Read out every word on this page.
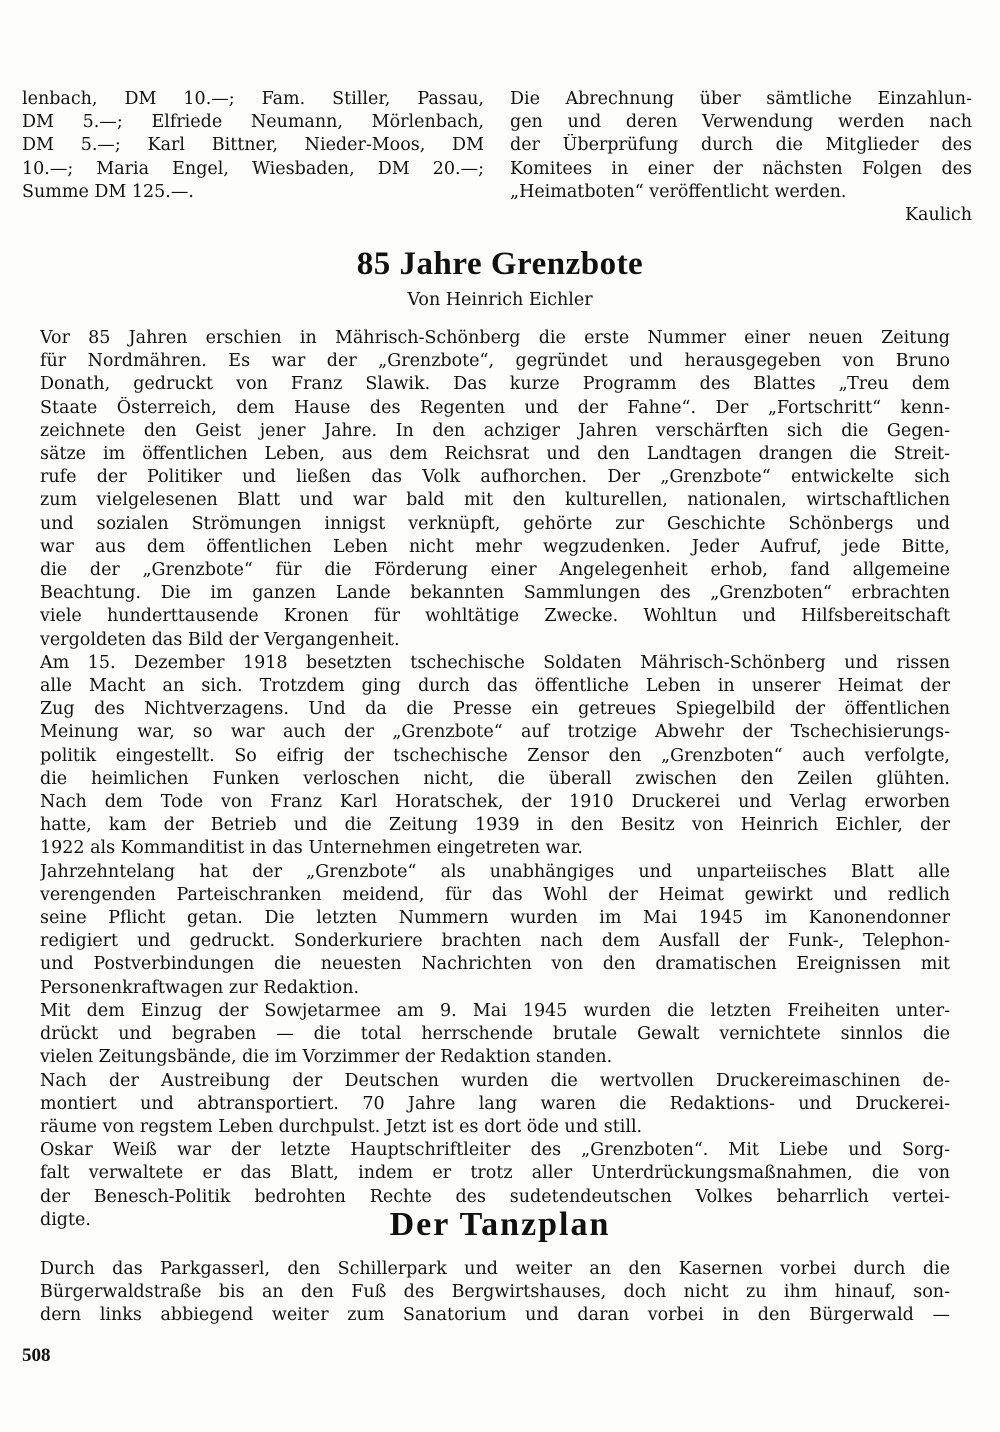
lenbach, DM 10.—; Fam. Stiller, Passau,
DM 5.—; Elfriede Neumann, Mörlenbach,
DM 5.—; Karl Bittner, Nieder-Moos, DM
10.—; Maria Engel, Wiesbaden, DM 20.—;
Summe DM 125.—.
Die Abrechnung über sämtliche Einzahlun-
gen und deren Verwendung werden nach
der Überprüfung durch die Mitglieder des
Komitees in einer der nächsten Folgen des
„Heimatboten“ veröffentlicht werden.
Kaulich
85 Jahre Grenzbote
Von Heinrich Eichler
Vor 85 Jahren erschien in Mährisch-Schönberg die erste Nummer einer neuen Zeitung
für Nordmähren. Es war der „Grenzbote“, gegründet und herausgegeben von Bruno
Donath, gedruckt von Franz Slawik. Das kurze Programm des Blattes „Treu dem
Staate Österreich, dem Hause des Regenten und der Fahne“. Der „Fortschritt“ kenn-
zeichnete den Geist jener Jahre. In den achziger Jahren verschärften sich die Gegen-
sätze im öffentlichen Leben, aus dem Reichsrat und den Landtagen drangen die Streit-
rufe der Politiker und ließen das Volk aufhorchen. Der „Grenzbote“ entwickelte sich
zum vielgelesenen Blatt und war bald mit den kulturellen, nationalen, wirtschaftlichen
und sozialen Strömungen innigst verknüpft, gehörte zur Geschichte Schönbergs und
war aus dem öffentlichen Leben nicht mehr wegzudenken. Jeder Aufruf, jede Bitte,
die der „Grenzbote“ für die Förderung einer Angelegenheit erhob, fand allgemeine
Beachtung. Die im ganzen Lande bekannten Sammlungen des „Grenzboten“ erbrachten
viele hunderttausende Kronen für wohltätige Zwecke. Wohltun und Hilfsbereitschaft
vergoldeten das Bild der Vergangenheit.
Am 15. Dezember 1918 besetzten tschechische Soldaten Mährisch-Schönberg und rissen
alle Macht an sich. Trotzdem ging durch das öffentliche Leben in unserer Heimat der
Zug des Nichtverzagens. Und da die Presse ein getreues Spiegelbild der öffentlichen
Meinung war, so war auch der „Grenzbote“ auf trotzige Abwehr der Tschechisierungs-
politik eingestellt. So eifrig der tschechische Zensor den „Grenzboten“ auch verfolgte,
die heimlichen Funken verloschen nicht, die überall zwischen den Zeilen glühten.
Nach dem Tode von Franz Karl Horatschek, der 1910 Druckerei und Verlag erworben
hatte, kam der Betrieb und die Zeitung 1939 in den Besitz von Heinrich Eichler, der
1922 als Kommanditist in das Unternehmen eingetreten war.
Jahrzehntelang hat der „Grenzbote“ als unabhängiges und unparteiisches Blatt alle
verengenden Parteischranken meidend, für das Wohl der Heimat gewirkt und redlich
seine Pflicht getan. Die letzten Nummern wurden im Mai 1945 im Kanonendonner
redigiert und gedruckt. Sonderkuriere brachten nach dem Ausfall der Funk-, Telephon-
und Postverbindungen die neuesten Nachrichten von den dramatischen Ereignissen mit
Personenkraftwagen zur Redaktion.
Mit dem Einzug der Sowjetarmee am 9. Mai 1945 wurden die letzten Freiheiten unter-
drückt und begraben — die total herrschende brutale Gewalt vernichtete sinnlos die
vielen Zeitungsbände, die im Vorzimmer der Redaktion standen.
Nach der Austreibung der Deutschen wurden die wertvollen Druckereimaschinen de-
montiert und abtransportiert. 70 Jahre lang waren die Redaktions- und Druckerei-
räume von regstem Leben durchpulst. Jetzt ist es dort öde und still.
Oskar Weiß war der letzte Hauptschriftleiter des „Grenzboten“. Mit Liebe und Sorg-
falt verwaltete er das Blatt, indem er trotz aller Unterdrückungsmaßnahmen, die von
der Benesch-Politik bedrohten Rechte des sudetendeutschen Volkes beharrlich vertei-
digte.	Der Tanzplan
Durch das Parkgasserl, den Schillerpark und weiter an den Kasernen vorbei durch die
Bürgerwaldstraße bis an den Fuß des Bergwirtshauses, doch nicht zu ihm hinauf, son-
dern links abbiegend weiter zum Sanatorium und daran vorbei in den Bürgerwald —
508
